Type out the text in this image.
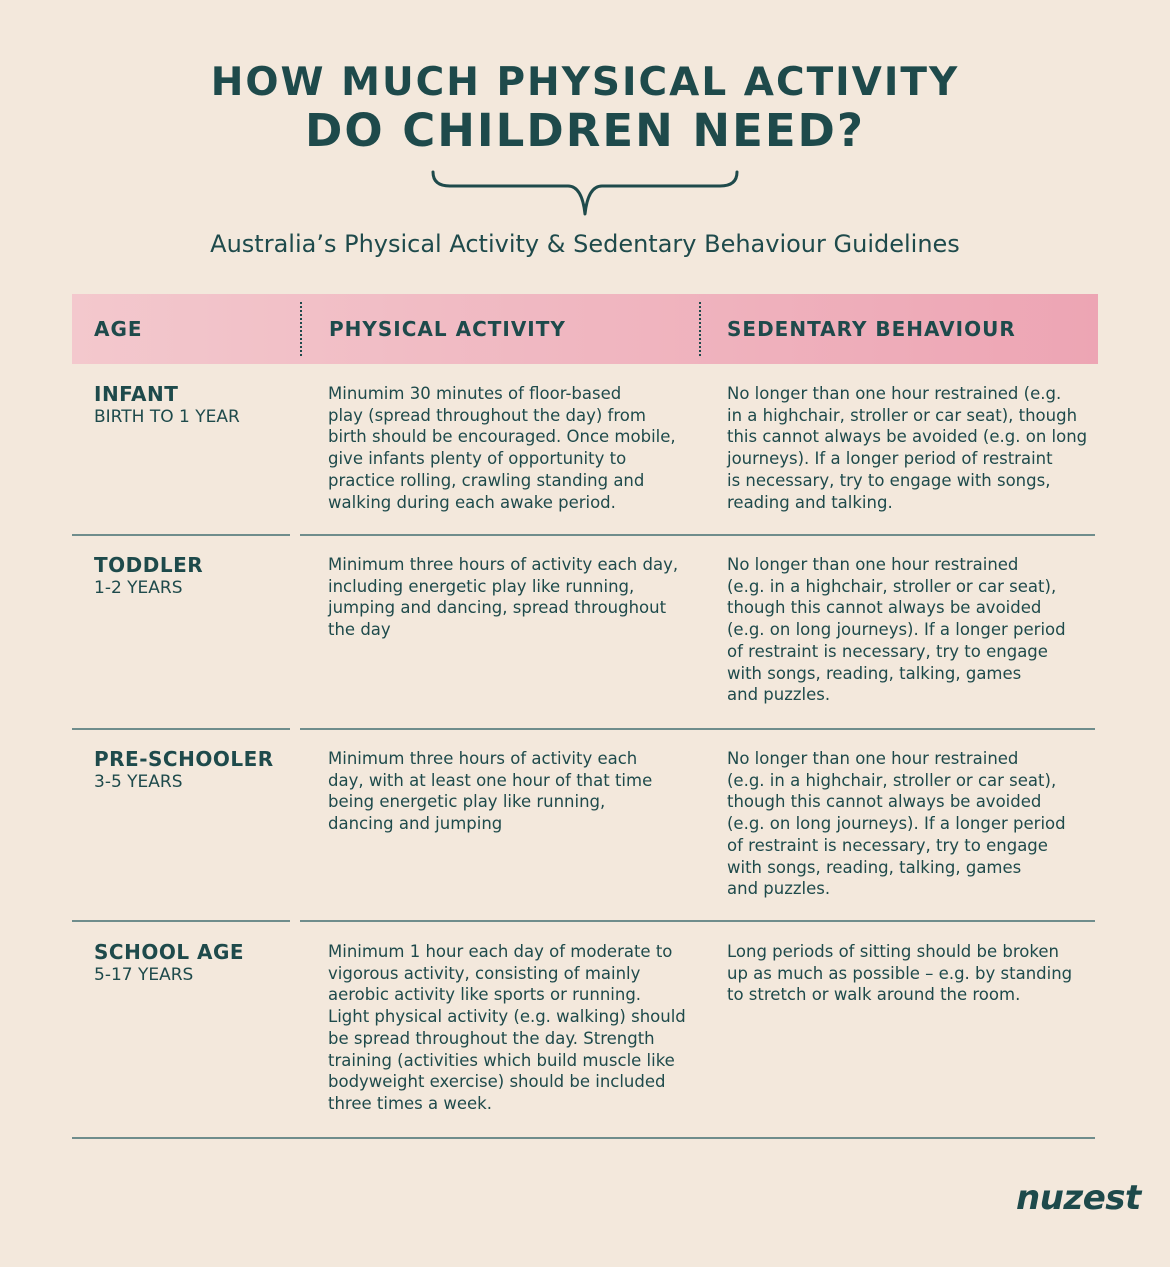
HOW MUCH PHYSICAL ACTIVITY
DO CHILDREN NEED?
Australia’s Physical Activity & Sedentary Behaviour Guidelines
AGE	PHYSICAL ACTIVITY	SEDENTARY BEHAVIOUR
INFANT
BIRTH TO 1 YEAR
Minumim 30 minutes of floor-based
play (spread throughout the day) from
birth should be encouraged. Once mobile,
give infants plenty of opportunity to
practice rolling, crawling standing and
walking during each awake period.
No longer than one hour restrained (e.g.
in a highchair, stroller or car seat), though
this cannot always be avoided (e.g. on long
journeys). If a longer period of restraint
is necessary, try to engage with songs,
reading and talking.
TODDLER
1-2 YEARS
Minimum three hours of activity each day,
including energetic play like running,
jumping and dancing, spread throughout
the day
No longer than one hour restrained
(e.g. in a highchair, stroller or car seat),
though this cannot always be avoided
(e.g. on long journeys). If a longer period
of restraint is necessary, try to engage
with songs, reading, talking, games
and puzzles.
PRE-SCHOOLER
3-5 YEARS
Minimum three hours of activity each
day, with at least one hour of that time
being energetic play like running,
dancing and jumping
No longer than one hour restrained
(e.g. in a highchair, stroller or car seat),
though this cannot always be avoided
(e.g. on long journeys). If a longer period
of restraint is necessary, try to engage
with songs, reading, talking, games
and puzzles.
SCHOOL AGE
5-17 YEARS
Minimum 1 hour each day of moderate to
vigorous activity, consisting of mainly
aerobic activity like sports or running.
Light physical activity (e.g. walking) should
be spread throughout the day. Strength
training (activities which build muscle like
bodyweight exercise) should be included
three times a week.
Long periods of sitting should be broken
up as much as possible – e.g. by standing
to stretch or walk around the room.
nuzest
